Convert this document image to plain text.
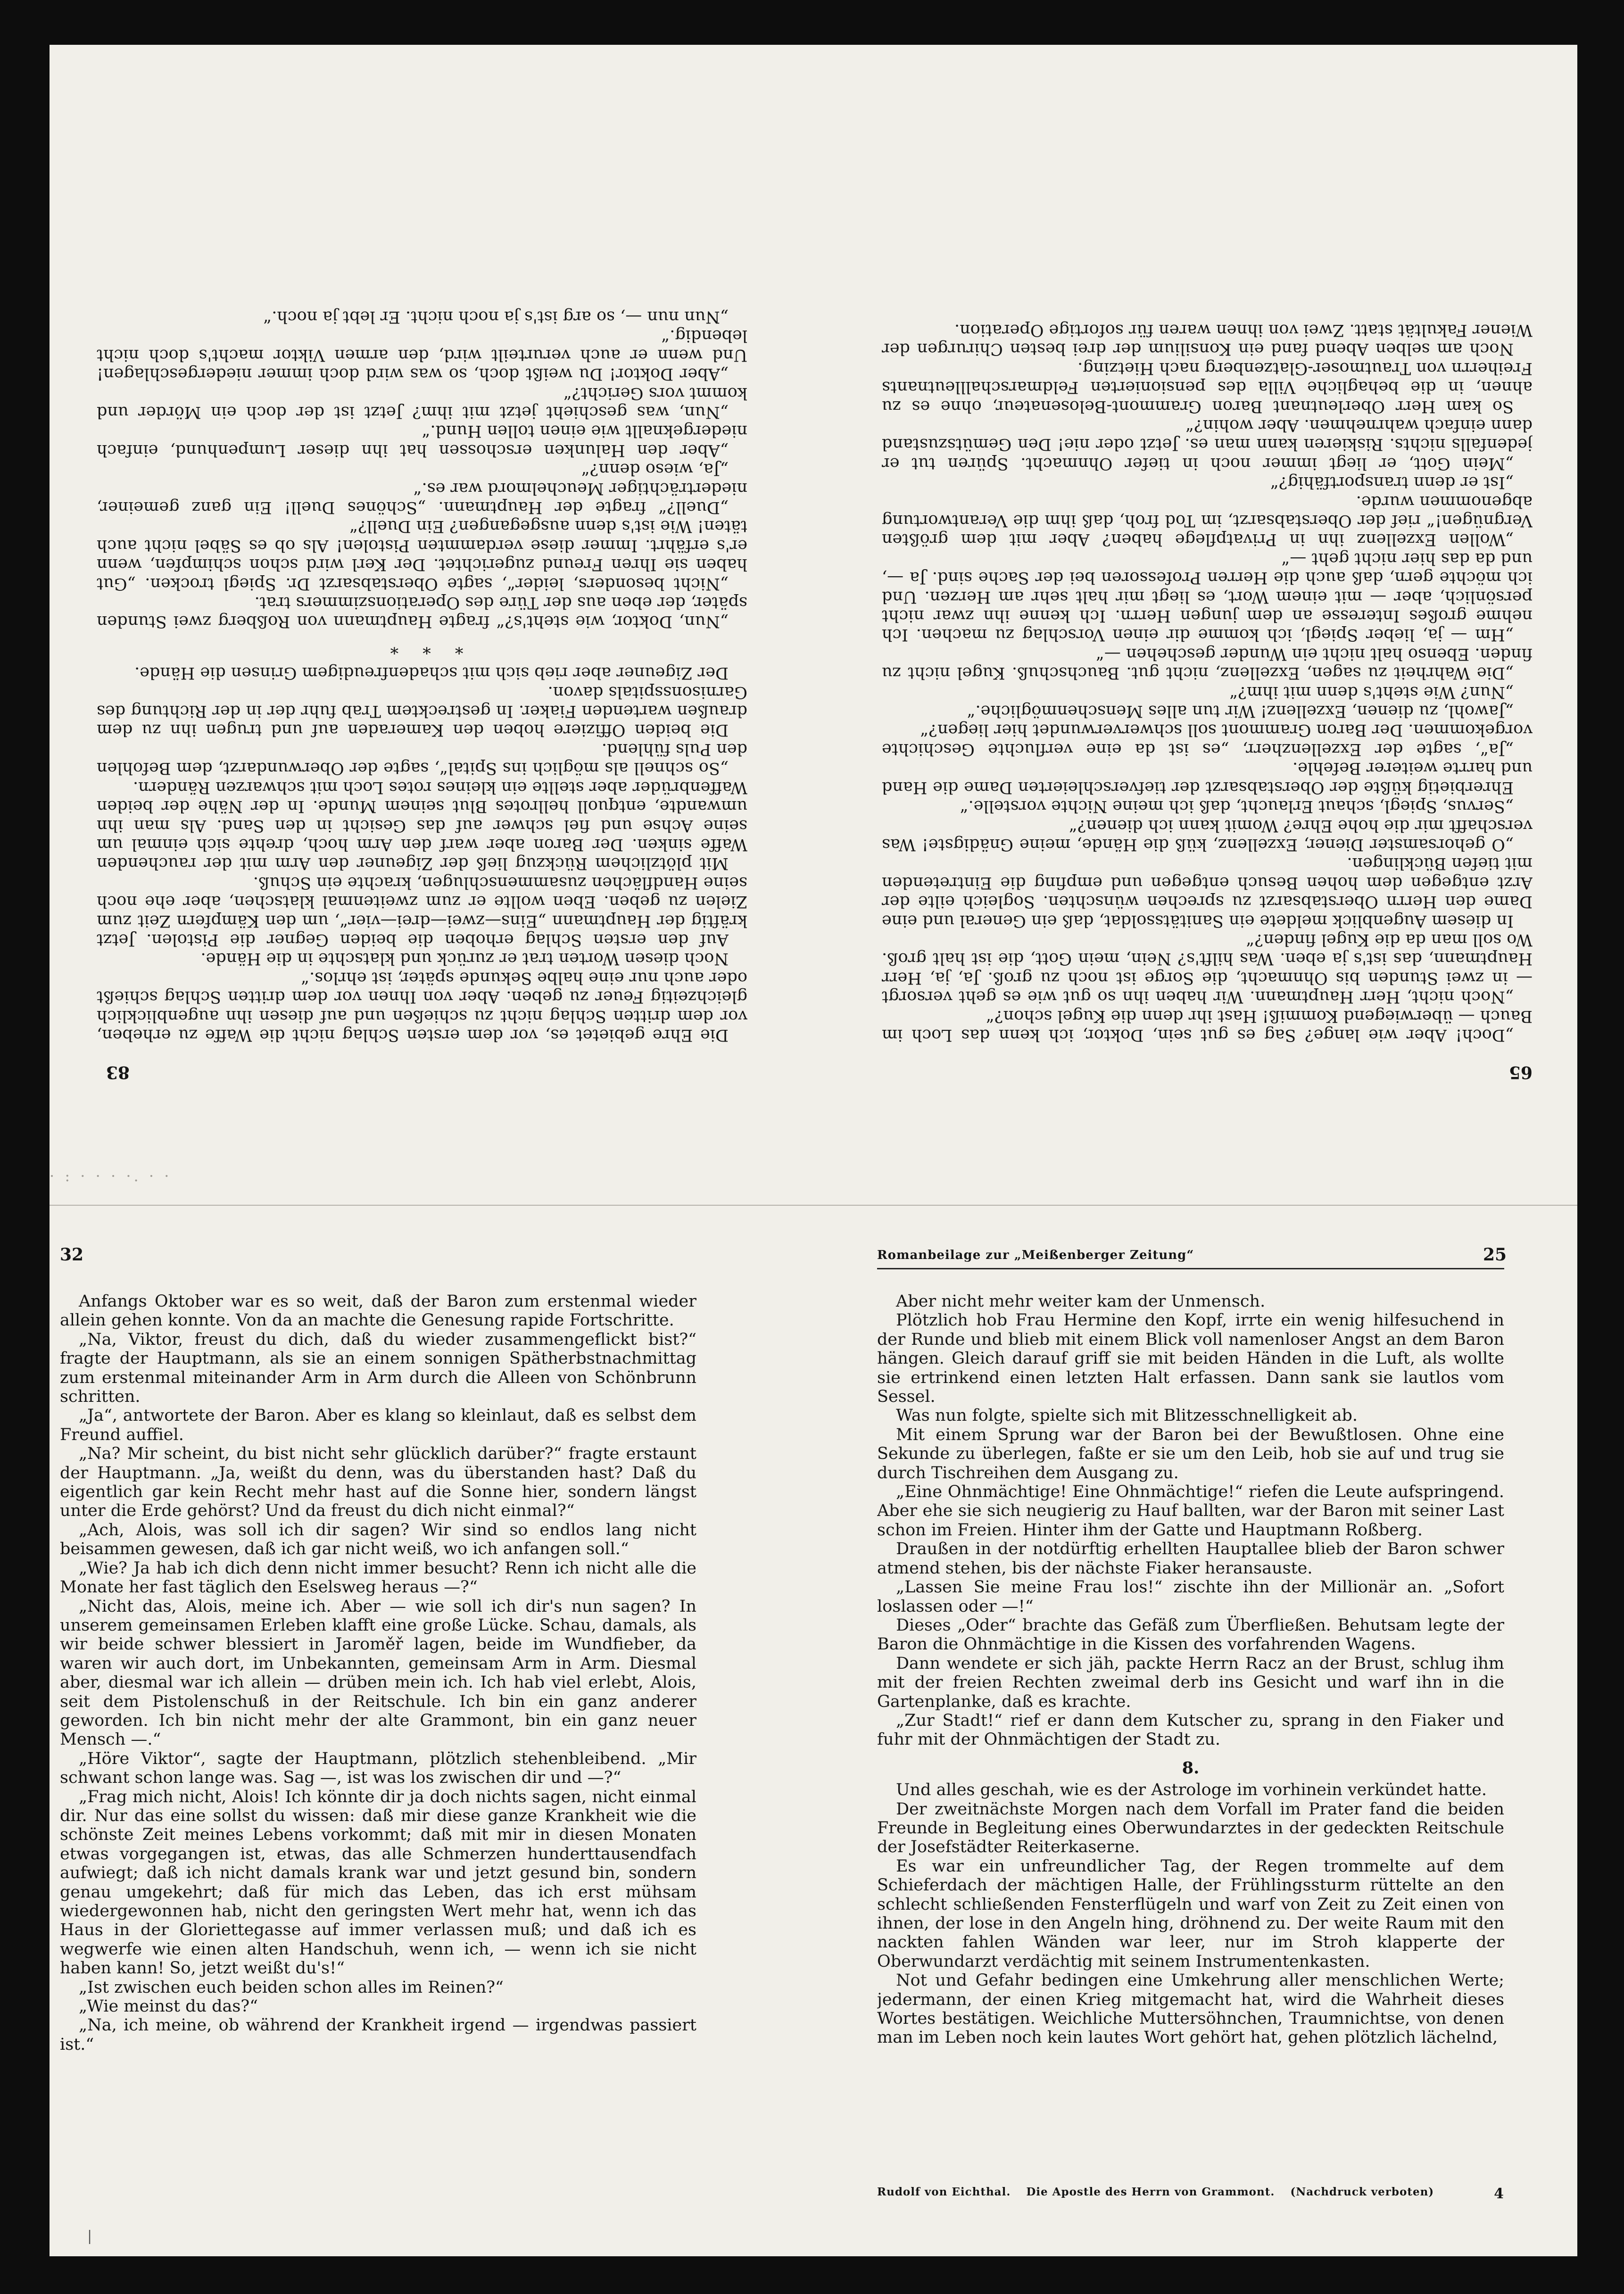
65
83

„Doch! Aber wie lange? Sag es gut sein, Doktor, ich kenn das Loch im Bauch — überwiegend Kommiß! Hast ihr denn die Kugel schon?“

„Noch nicht, Herr Hauptmann. Wir haben ihn so gut wie es geht versorgt — in zwei Stunden bis Ohnmacht, die Sorge ist noch zu groß. Ja, ja, Herr Hauptmann, das ist's ja eben. Was hilft's? Nein, mein Gott, die ist halt groß. Wo soll man da die Kugel finden?“

In diesem Augenblick meldete ein Sanitätssoldat, daß ein General und eine Dame den Herrn Oberstabsarzt zu sprechen wünschten. Sogleich eilte der Arzt entgegen dem hohen Besuch entgegen und empfing die Eintretenden mit tiefen Bücklingen.

„O gehorsamster Diener, Exzellenz, küß die Hände, meine Gnädigste! Was verschafft mir die hohe Ehre? Womit kann ich dienen?“

„Servus, Spiegl, schaut Erlaucht, daß ich meine Nichte vorstelle.“

Ehrerbietig küßte der Oberstabsarzt der tiefverschleierten Dame die Hand und harrte weiterer Befehle.

„Ja“, sagte der Exzellenzherr, „es ist da eine verfluchte Geschichte vorgekommen. Der Baron Grammont soll schwerverwundet hier liegen?“

„Jawohl, zu dienen, Exzellenz! Wir tun alles Menschenmögliche.“

„Nun? Wie steht's denn mit ihm?“

„Die Wahrheit zu sagen, Exzellenz, nicht gut. Bauchschuß. Kugel nicht zu finden. Ebenso halt nicht ein Wunder geschehen —“

„Hm — ja, lieber Spiegl, ich komme dir einen Vorschlag zu machen. Ich nehme großes Interesse an dem jungen Herrn. Ich kenne ihn zwar nicht persönlich, aber — mit einem Wort, es liegt mir halt sehr am Herzen. Und ich möchte gern, daß auch die Herren Professoren bei der Sache sind. Ja —, und da das hier nicht geht —“

„Wollen Exzellenz ihn in Privatpflege haben? Aber mit dem größten Vergnügen!“ rief der Oberstabsarzt, im Tod froh, daß ihm die Verantwortung abgenommen wurde.

„Ist er denn transportfähig?“

„Mein Gott, er liegt immer noch in tiefer Ohnmacht. Spüren tut er jedenfalls nichts. Riskieren kann man es. Jetzt oder nie! Den Gemütszustand dann einfach wahrnehmen. Aber wohin?“

So kam Herr Oberleutnant Baron Grammont-Belosenateur, ohne es zu ahnen, in die behagliche Villa des pensionierten Feldmarschallleutnants Freiherrn von Trautmoser-Glatzenberg nach Hietzing.

Noch am selben Abend fand ein Konsilium der drei besten Chirurgen der Wiener Fakultät statt. Zwei von ihnen waren für sofortige Operation.

Die Ehre gebietet es, vor dem ersten Schlag nicht die Waffe zu erheben, vor dem dritten Schlag nicht zu schießen und auf diesen ihn augenblicklich gleichzeitig Feuer zu geben. Aber von Ihnen vor dem dritten Schlag schießt oder auch nur eine halbe Sekunde später, ist ehrlos.“

Noch diesen Worten trat er zurück und klatschte in die Hände.

Auf den ersten Schlag erhoben die beiden Gegner die Pistolen. Jetzt kräftig der Hauptmann „Eins—zwei—drei—vier“, um den Kämpfern Zeit zum Zielen zu geben. Eben wollte er zum zweitenmal klatschen, aber ehe noch seine Handflächen zusammenschlugen, krachte ein Schuß.

Mit plötzlichem Rückzug ließ der Zigeuner den Arm mit der rauchenden Waffe sinken. Der Baron aber warf den Arm hoch, drehte sich einmal um seine Achse und fiel schwer auf das Gesicht in den Sand. Als man ihn umwandte, entquoll hellrotes Blut seinem Munde. In der Nähe der beiden Waffenbrüder aber stellte ein kleines rotes Loch mit schwarzen Rändern.

„So schnell als möglich ins Spital“, sagte der Oberwundarzt, dem Befohlen den Puls fühlend.

Die beiden Offiziere hoben den Kameraden auf und trugen ihn zu dem draußen wartenden Fiaker. In gestrecktem Trab fuhr der in der Richtung des Garnisonsspitals davon.

Der Zigeuner aber rieb sich mit schadenfreudigem Grinsen die Hände.

* * *

„Nun, Doktor, wie steht's?“ fragte Hauptmann von Roßberg zwei Stunden später, der eben aus der Türe des Operationszimmers trat.

„Nicht besonders, leider“, sagte Oberstabsarzt Dr. Spiegl trocken. „Gut haben sie Ihren Freund zugerichtet. Der Kerl wird schon schimpfen, wenn er's erfährt. Immer diese verdammten Pistolen! Als ob es Säbel nicht auch täten! Wie ist's denn ausgegangen? Ein Duell?“

„Duell?“ fragte der Hauptmann. „Schönes Duell! Ein ganz gemeiner, niederträchtiger Meuchelmord war es.“

„Ja, wieso denn?“

„Aber den Halunken erschossen hat ihn dieser Lumpenhund, einfach niedergeknallt wie einen tollen Hund.“

„Nun, was geschieht jetzt mit ihm? Jetzt ist der doch ein Mörder und kommt vors Gericht?“

„Aber Doktor! Du weißt doch, so was wird doch immer niedergeschlagen! Und wenn er auch verurteilt wird, den armen Viktor macht's doch nicht lebendig.“

„Nun nun —, so arg ist's ja noch nicht. Er lebt ja noch.“

· : · · · ·. · ·
32	Romanbeilage zur „Meißenberger Zeitung“	25

Anfangs Oktober war es so weit, daß der Baron zum erstenmal wieder allein gehen konnte. Von da an machte die Genesung rapide Fortschritte.

„Na, Viktor, freust du dich, daß du wieder zusammengeflickt bist?“ fragte der Hauptmann, als sie an einem sonnigen Spätherbstnachmittag zum erstenmal miteinander Arm in Arm durch die Alleen von Schönbrunn schritten.

„Ja“, antwortete der Baron. Aber es klang so kleinlaut, daß es selbst dem Freund auffiel.

„Na? Mir scheint, du bist nicht sehr glücklich darüber?“ fragte erstaunt der Hauptmann. „Ja, weißt du denn, was du überstanden hast? Daß du eigentlich gar kein Recht mehr hast auf die Sonne hier, sondern längst unter die Erde gehörst? Und da freust du dich nicht einmal?“

„Ach, Alois, was soll ich dir sagen? Wir sind so endlos lang nicht beisammen gewesen, daß ich gar nicht weiß, wo ich anfangen soll.“

„Wie? Ja hab ich dich denn nicht immer besucht? Renn ich nicht alle die Monate her fast täglich den Eselsweg heraus —?“

„Nicht das, Alois, meine ich. Aber — wie soll ich dir's nun sagen? In unserem gemeinsamen Erleben klafft eine große Lücke. Schau, damals, als wir beide schwer blessiert in Jaroměř lagen, beide im Wundfieber, da waren wir auch dort, im Unbekannten, gemeinsam Arm in Arm. Diesmal aber, diesmal war ich allein — drüben mein ich. Ich hab viel erlebt, Alois, seit dem Pistolenschuß in der Reitschule. Ich bin ein ganz anderer geworden. Ich bin nicht mehr der alte Grammont, bin ein ganz neuer Mensch —.“

„Höre Viktor“, sagte der Hauptmann, plötzlich stehenbleibend. „Mir schwant schon lange was. Sag —, ist was los zwischen dir und —?“

„Frag mich nicht, Alois! Ich könnte dir ja doch nichts sagen, nicht einmal dir. Nur das eine sollst du wissen: daß mir diese ganze Krankheit wie die schönste Zeit meines Lebens vorkommt; daß mit mir in diesen Monaten etwas vorgegangen ist, etwas, das alle Schmerzen hunderttausendfach aufwiegt; daß ich nicht damals krank war und jetzt gesund bin, sondern genau umgekehrt; daß für mich das Leben, das ich erst mühsam wiedergewonnen hab, nicht den geringsten Wert mehr hat, wenn ich das Haus in der Gloriettegasse auf immer verlassen muß; und daß ich es wegwerfe wie einen alten Handschuh, wenn ich, — wenn ich sie nicht haben kann! So, jetzt weißt du's!“

„Ist zwischen euch beiden schon alles im Reinen?“

„Wie meinst du das?“

„Na, ich meine, ob während der Krankheit irgend — irgendwas passiert ist.“

Aber nicht mehr weiter kam der Unmensch.

Plötzlich hob Frau Hermine den Kopf, irrte ein wenig hilfesuchend in der Runde und blieb mit einem Blick voll namenloser Angst an dem Baron hängen. Gleich darauf griff sie mit beiden Händen in die Luft, als wollte sie ertrinkend einen letzten Halt erfassen. Dann sank sie lautlos vom Sessel.

Was nun folgte, spielte sich mit Blitzesschnelligkeit ab.

Mit einem Sprung war der Baron bei der Bewußtlosen. Ohne eine Sekunde zu überlegen, faßte er sie um den Leib, hob sie auf und trug sie durch Tischreihen dem Ausgang zu.

„Eine Ohnmächtige! Eine Ohnmächtige!“ riefen die Leute aufspringend. Aber ehe sie sich neugierig zu Hauf ballten, war der Baron mit seiner Last schon im Freien. Hinter ihm der Gatte und Hauptmann Roßberg.

Draußen in der notdürftig erhellten Hauptallee blieb der Baron schwer atmend stehen, bis der nächste Fiaker heransauste.

„Lassen Sie meine Frau los!“ zischte ihn der Millionär an. „Sofort loslassen oder —!“

Dieses „Oder“ brachte das Gefäß zum Überfließen. Behutsam legte der Baron die Ohnmächtige in die Kissen des vorfahrenden Wagens.

Dann wendete er sich jäh, packte Herrn Racz an der Brust, schlug ihm mit der freien Rechten zweimal derb ins Gesicht und warf ihn in die Gartenplanke, daß es krachte.

„Zur Stadt!“ rief er dann dem Kutscher zu, sprang in den Fiaker und fuhr mit der Ohnmächtigen der Stadt zu.

8.

Und alles geschah, wie es der Astrologe im vorhinein verkündet hatte.

Der zweitnächste Morgen nach dem Vorfall im Prater fand die beiden Freunde in Begleitung eines Oberwundarztes in der gedeckten Reitschule der Josefstädter Reiterkaserne.

Es war ein unfreundlicher Tag, der Regen trommelte auf dem Schieferdach der mächtigen Halle, der Frühlingssturm rüttelte an den schlecht schließenden Fensterflügeln und warf von Zeit zu Zeit einen von ihnen, der lose in den Angeln hing, dröhnend zu. Der weite Raum mit den nackten fahlen Wänden war leer, nur im Stroh klapperte der Oberwundarzt verdächtig mit seinem Instrumentenkasten.

Not und Gefahr bedingen eine Umkehrung aller menschlichen Werte; jedermann, der einen Krieg mitgemacht hat, wird die Wahrheit dieses Wortes bestätigen. Weichliche Muttersöhnchen, Traumnichtse, von denen man im Leben noch kein lautes Wort gehört hat, gehen plötzlich lächelnd,

Rudolf von Eichthal. Die Apostle des Herrn von Grammont. (Nachdruck verboten)	4
|
